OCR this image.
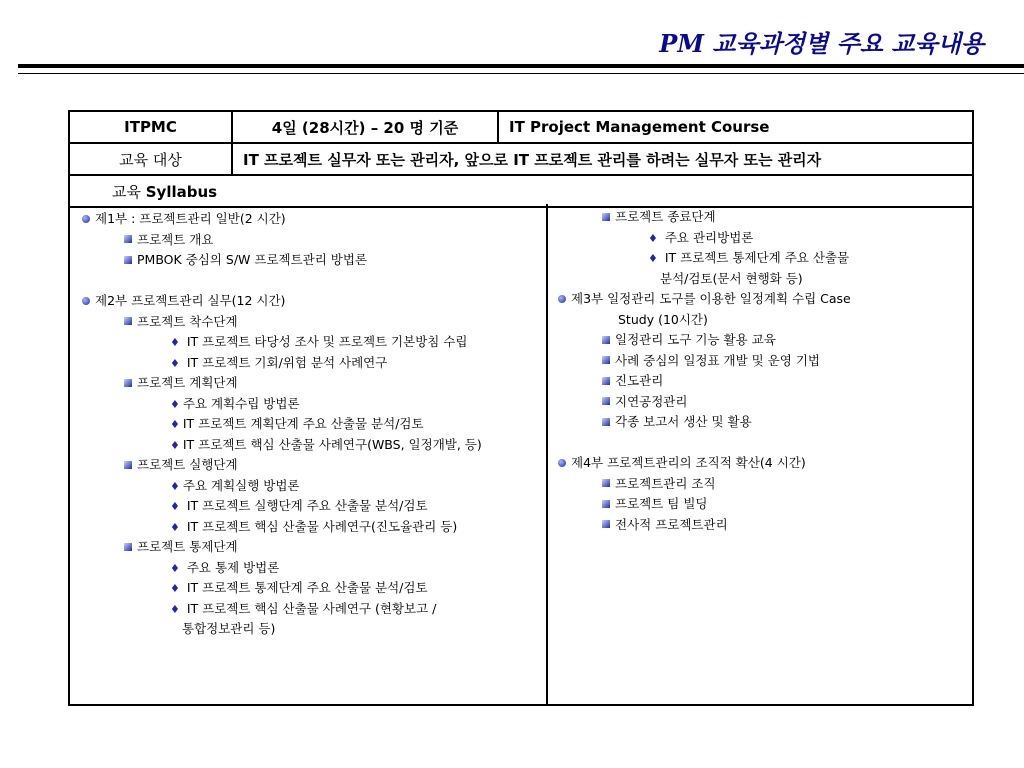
PM 교육과정별 주요 교육내용
ITPMC	4일 (28시간) – 20 명 기준	IT Project Management Course
교육 대상	IT 프로젝트 실무자 또는 관리자, 앞으로 IT 프로젝트 관리를 하려는 실무자 또는 관리자	
교육 Syllabus		
제1부 : 프로젝트관리 일반(2 시간)
프로젝트 개요
PMBOK 중심의 S/W 프로젝트관리 방법론
제2부 프로젝트관리 실무(12 시간)
프로젝트 착수단계
♦ IT 프로젝트 타당성 조사 및 프로젝트 기본방침 수립
♦ IT 프로젝트 기회/위험 분석 사례연구
프로젝트 계획단계
♦ 주요 계획수립 방법론
♦ IT 프로젝트 계획단계 주요 산출물 분석/검토
♦ IT 프로젝트 핵심 산출물 사례연구(WBS, 일정개발, 등)
프로젝트 실행단계
♦ 주요 계획실행 방법론
♦ IT 프로젝트 실행단계 주요 산출물 분석/검토
♦ IT 프로젝트 핵심 산출물 사례연구(진도율관리 등)
프로젝트 통제단계
♦ 주요 통제 방법론
♦ IT 프로젝트 통제단계 주요 산출물 분석/검토
♦ IT 프로젝트 핵심 산출물 사례연구 (현황보고 /
통합정보관리 등)
프로젝트 종료단계
♦ 주요 관리방법론
♦ IT 프로젝트 통제단계 주요 산출물
분석/검토(문서 현행화 등)
제3부 일정관리 도구를 이용한 일정계획 수립 Case
Study (10시간)
일정관리 도구 기능 활용 교육
사례 중심의 일정표 개발 및 운영 기법
진도관리
지연공정관리
각종 보고서 생산 및 활용
제4부 프로젝트관리의 조직적 확산(4 시간)
프로젝트관리 조직
프로젝트 팀 빌딩
전사적 프로젝트관리
